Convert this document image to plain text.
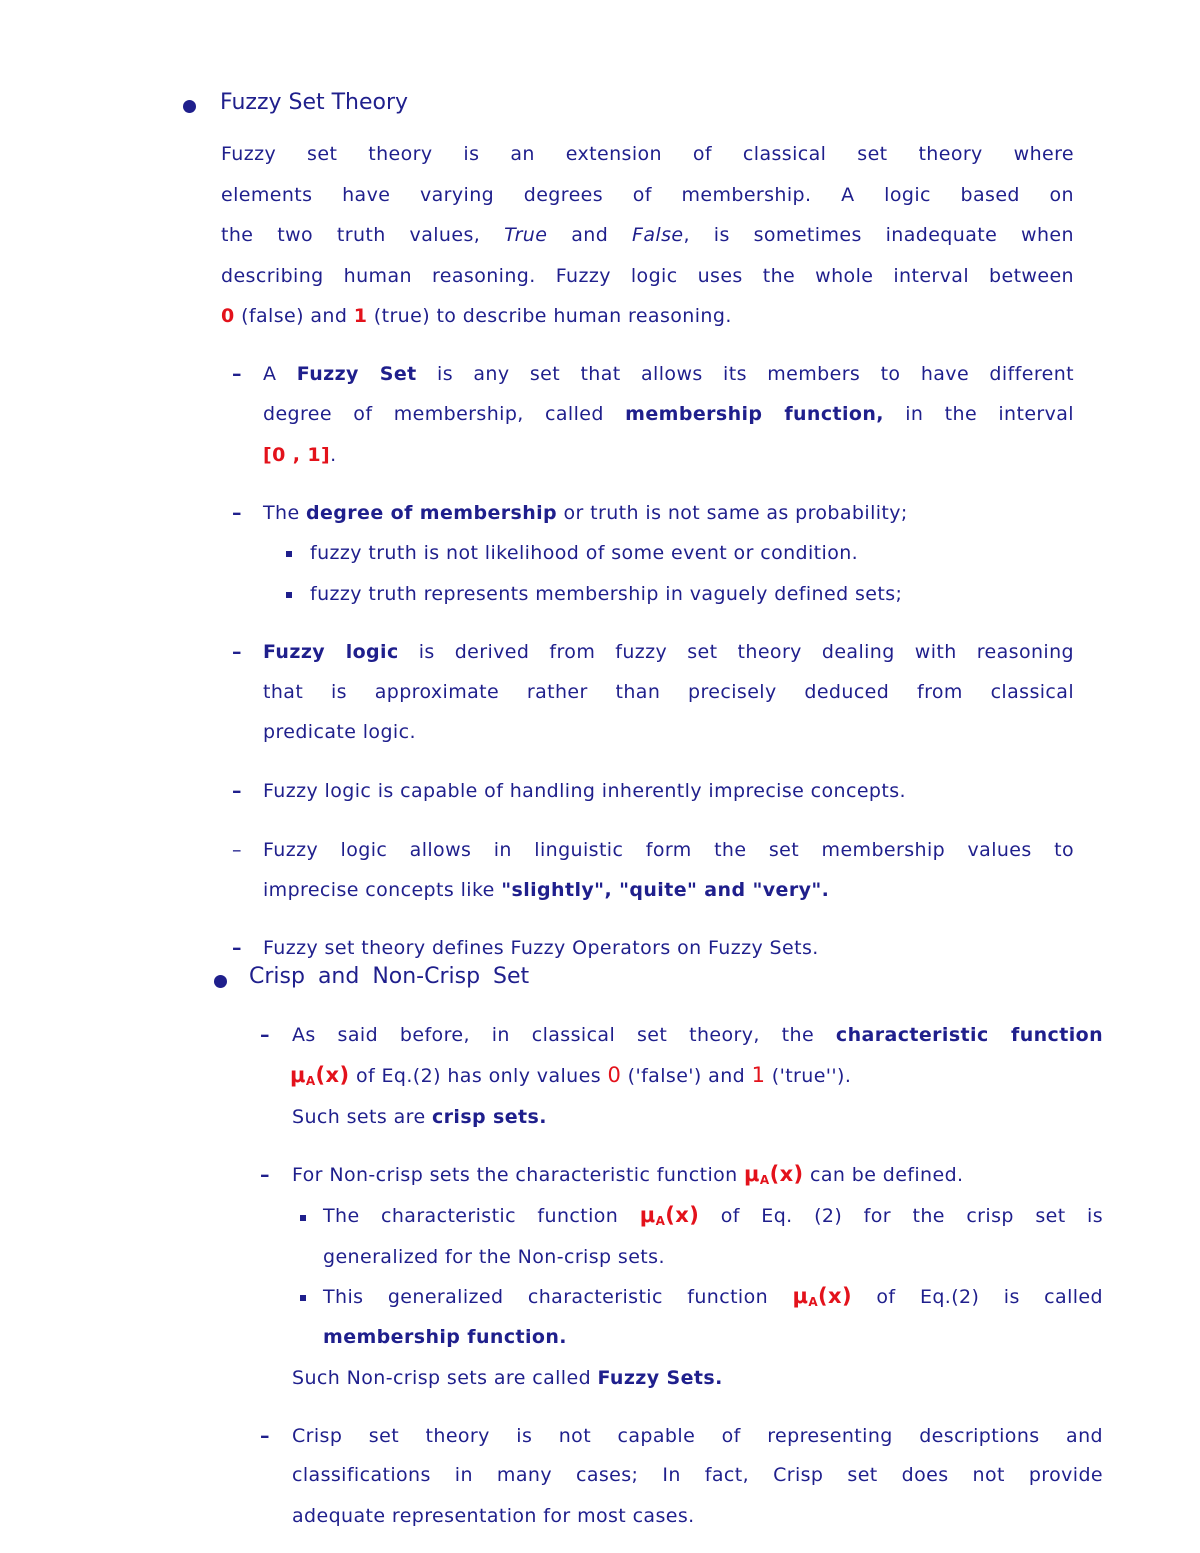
Fuzzy Set Theory
Fuzzy set theory is an extension of classical set theory where
elements have varying degrees of membership. A logic based on
the two truth values, True and False, is sometimes inadequate when
describing human reasoning. Fuzzy logic uses the whole interval between
0 (false) and 1 (true) to describe human reasoning.
– A Fuzzy Set is any set that allows its members to have different
degree of membership, called membership function, in the interval
[0 , 1].
– The degree of membership or truth is not same as probability;
fuzzy truth is not likelihood of some event or condition.
fuzzy truth represents membership in vaguely defined sets;
– Fuzzy logic is derived from fuzzy set theory dealing with reasoning
that is approximate rather than precisely deduced from classical
predicate logic.
– Fuzzy logic is capable of handling inherently imprecise concepts.
– Fuzzy logic allows in linguistic form the set membership values to
imprecise concepts like "slightly", "quite" and "very".
– Fuzzy set theory defines Fuzzy Operators on Fuzzy Sets.
Crisp and Non-Crisp Set
– As said before, in classical set theory, the characteristic function
$\mu_A(x)$ of Eq.(2) has only values 0 ('false') and 1 ('true'').
Such sets are crisp sets.
– For Non-crisp sets the characteristic function $\mu_A(x)$ can be defined.
The characteristic function $\mu_A(x)$ of Eq. (2) for the crisp set is
generalized for the Non-crisp sets.
This generalized characteristic function $\mu_A(x)$ of Eq.(2) is called
membership function.
Such Non-crisp sets are called Fuzzy Sets.
– Crisp set theory is not capable of representing descriptions and
classifications in many cases; In fact, Crisp set does not provide
adequate representation for most cases.
